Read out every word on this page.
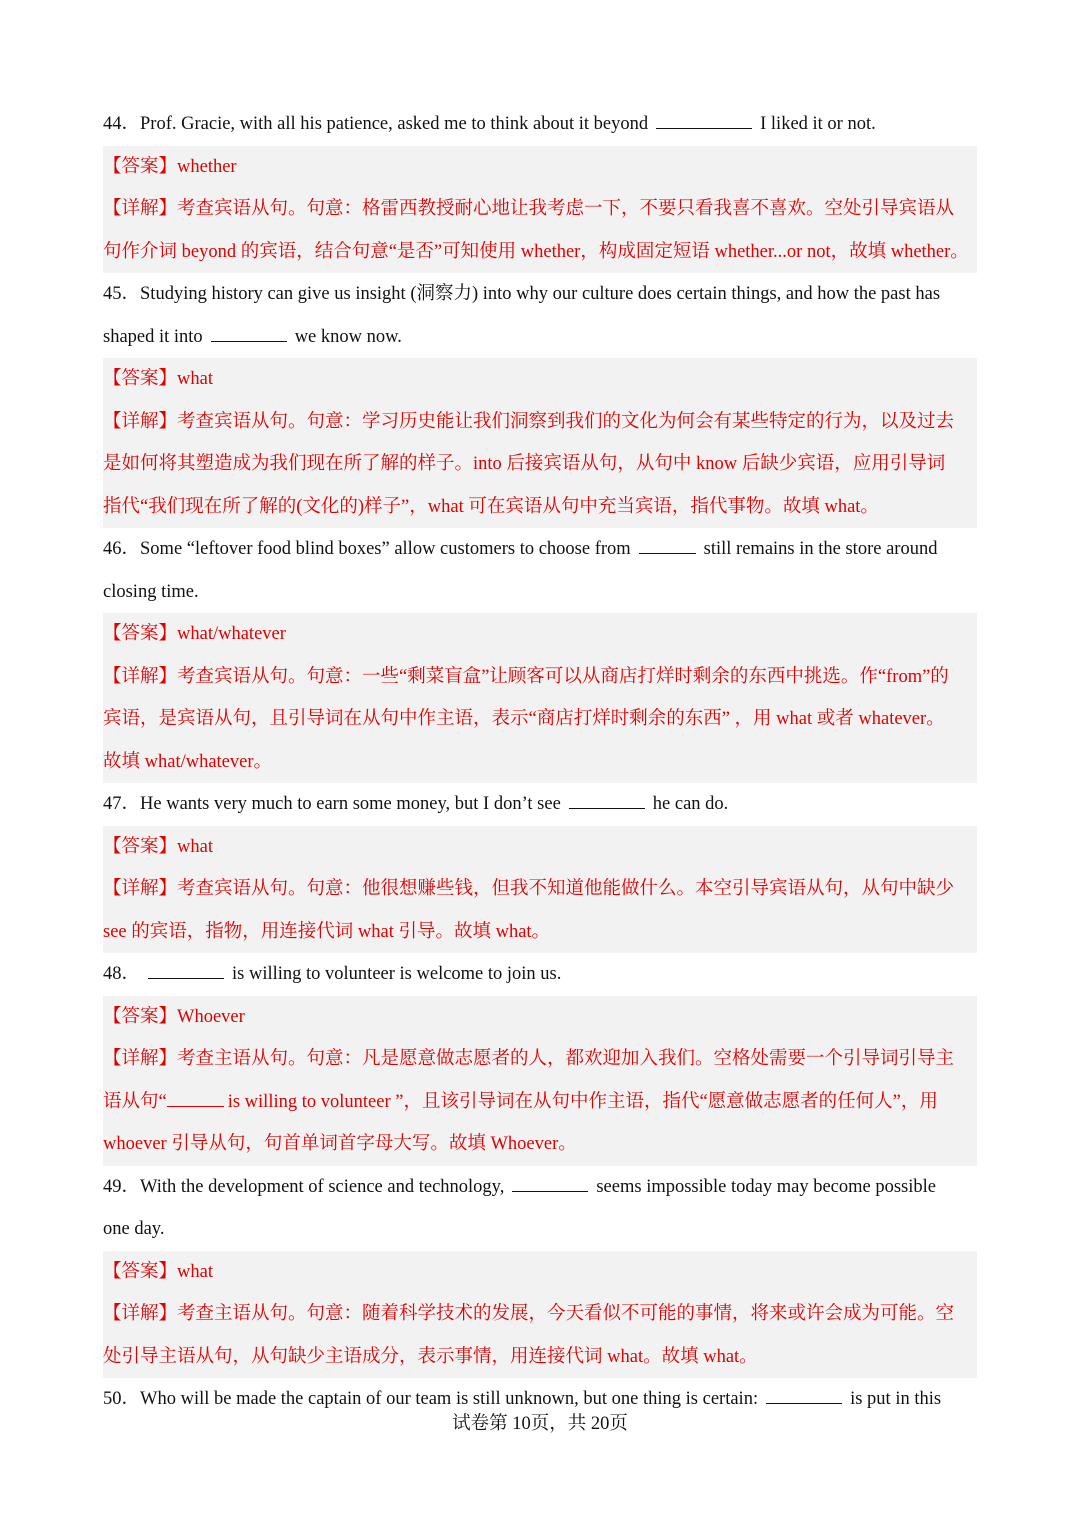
44．Prof. Gracie, with all his patience, asked me to think about it beyond	I liked it or not.
【答案】whether
【详解】考查宾语从句。句意：格雷西教授耐心地让我考虑一下，不要只看我喜不喜欢。空处引导宾语从
句作介词 beyond 的宾语，结合句意“是否”可知使用 whether，构成固定短语 whether...or not，故填 whether。
45．Studying history can give us insight (洞察力) into why our culture does certain things, and how the past has
shaped it into	we know now.
【答案】what
【详解】考查宾语从句。句意：学习历史能让我们洞察到我们的文化为何会有某些特定的行为，以及过去
是如何将其塑造成为我们现在所了解的样子。into 后接宾语从句，从句中 know 后缺少宾语，应用引导词
指代“我们现在所了解的(文化的)样子”，what 可在宾语从句中充当宾语，指代事物。故填 what。
46．Some “leftover food blind boxes” allow customers to choose from	still remains in the store around
closing time.
【答案】what/whatever
【详解】考查宾语从句。句意：一些“剩菜盲盒”让顾客可以从商店打烊时剩余的东西中挑选。作“from”的
宾语，是宾语从句，且引导词在从句中作主语，表示“商店打烊时剩余的东西” ，用 what 或者 whatever。
故填 what/whatever。
47．He wants very much to earn some money, but I don’t see	he can do.
【答案】what
【详解】考查宾语从句。句意：他很想赚些钱，但我不知道他能做什么。本空引导宾语从句，从句中缺少
see 的宾语，指物，用连接代词 what 引导。故填 what。
48．	is willing to volunteer is welcome to join us.
【答案】Whoever
【详解】考查主语从句。句意：凡是愿意做志愿者的人，都欢迎加入我们。空格处需要一个引导词引导主
语从句“	is willing to volunteer ”，且该引导词在从句中作主语，指代“愿意做志愿者的任何人”，用
whoever 引导从句，句首单词首字母大写。故填 Whoever。
49．With the development of science and technology,	seems impossible today may become possible
one day.
【答案】what
【详解】考查主语从句。句意：随着科学技术的发展，今天看似不可能的事情，将来或许会成为可能。空
处引导主语从句，从句缺少主语成分，表示事情，用连接代词 what。故填 what。
50．Who will be made the captain of our team is still unknown, but one thing is certain:	is put in this
试卷第 10页，共 20页
